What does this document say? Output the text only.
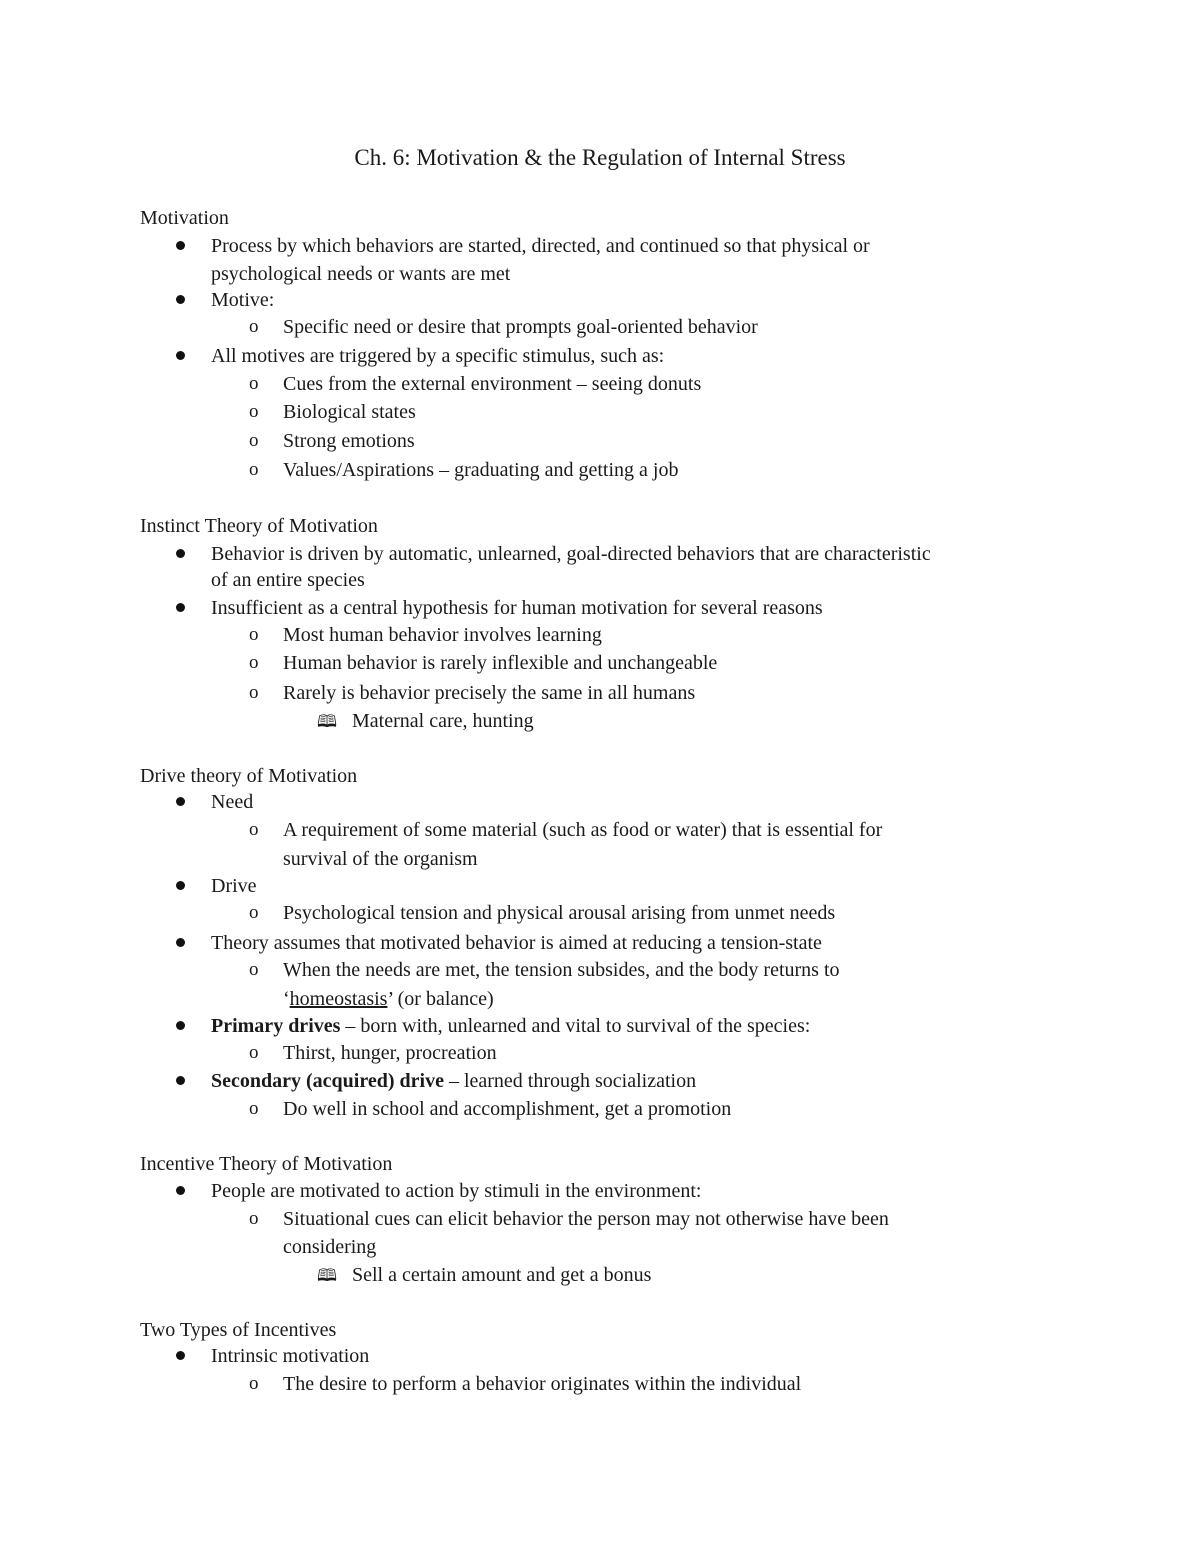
Ch. 6: Motivation & the Regulation of Internal Stress
Motivation
Process by which behaviors are started, directed, and continued so that physical or
psychological needs or wants are met
Motive:
o Specific need or desire that prompts goal-oriented behavior
All motives are triggered by a specific stimulus, such as:
o Cues from the external environment – seeing donuts
o Biological states
o Strong emotions
o Values/Aspirations – graduating and getting a job
Instinct Theory of Motivation
Behavior is driven by automatic, unlearned, goal-directed behaviors that are characteristic
of an entire species
Insufficient as a central hypothesis for human motivation for several reasons
o Most human behavior involves learning
o Human behavior is rarely inflexible and unchangeable
o Rarely is behavior precisely the same in all humans
🕮 Maternal care, hunting
Drive theory of Motivation
Need
o A requirement of some material (such as food or water) that is essential for
survival of the organism
Drive
o Psychological tension and physical arousal arising from unmet needs
Theory assumes that motivated behavior is aimed at reducing a tension-state
o When the needs are met, the tension subsides, and the body returns to
‘homeostasis’ (or balance)
Primary drives – born with, unlearned and vital to survival of the species:
o Thirst, hunger, procreation
Secondary (acquired) drive – learned through socialization
o Do well in school and accomplishment, get a promotion
Incentive Theory of Motivation
People are motivated to action by stimuli in the environment:
o Situational cues can elicit behavior the person may not otherwise have been
considering
🕮 Sell a certain amount and get a bonus
Two Types of Incentives
Intrinsic motivation
o The desire to perform a behavior originates within the individual
